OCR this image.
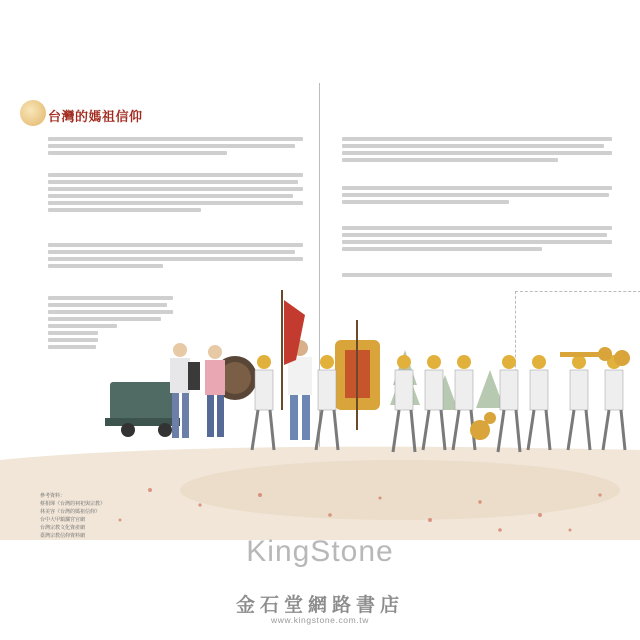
台灣的媽祖信仰
參考資料：
蔡相煇《台灣的祠祀與宗教》
林美容《台灣的媽祖信仰》
台中大甲鎮瀾宮官網
台灣宗教文化資產網
臺灣宗教信仰資料網	KingStone
金石堂網路書店
www.kingstone.com.tw
